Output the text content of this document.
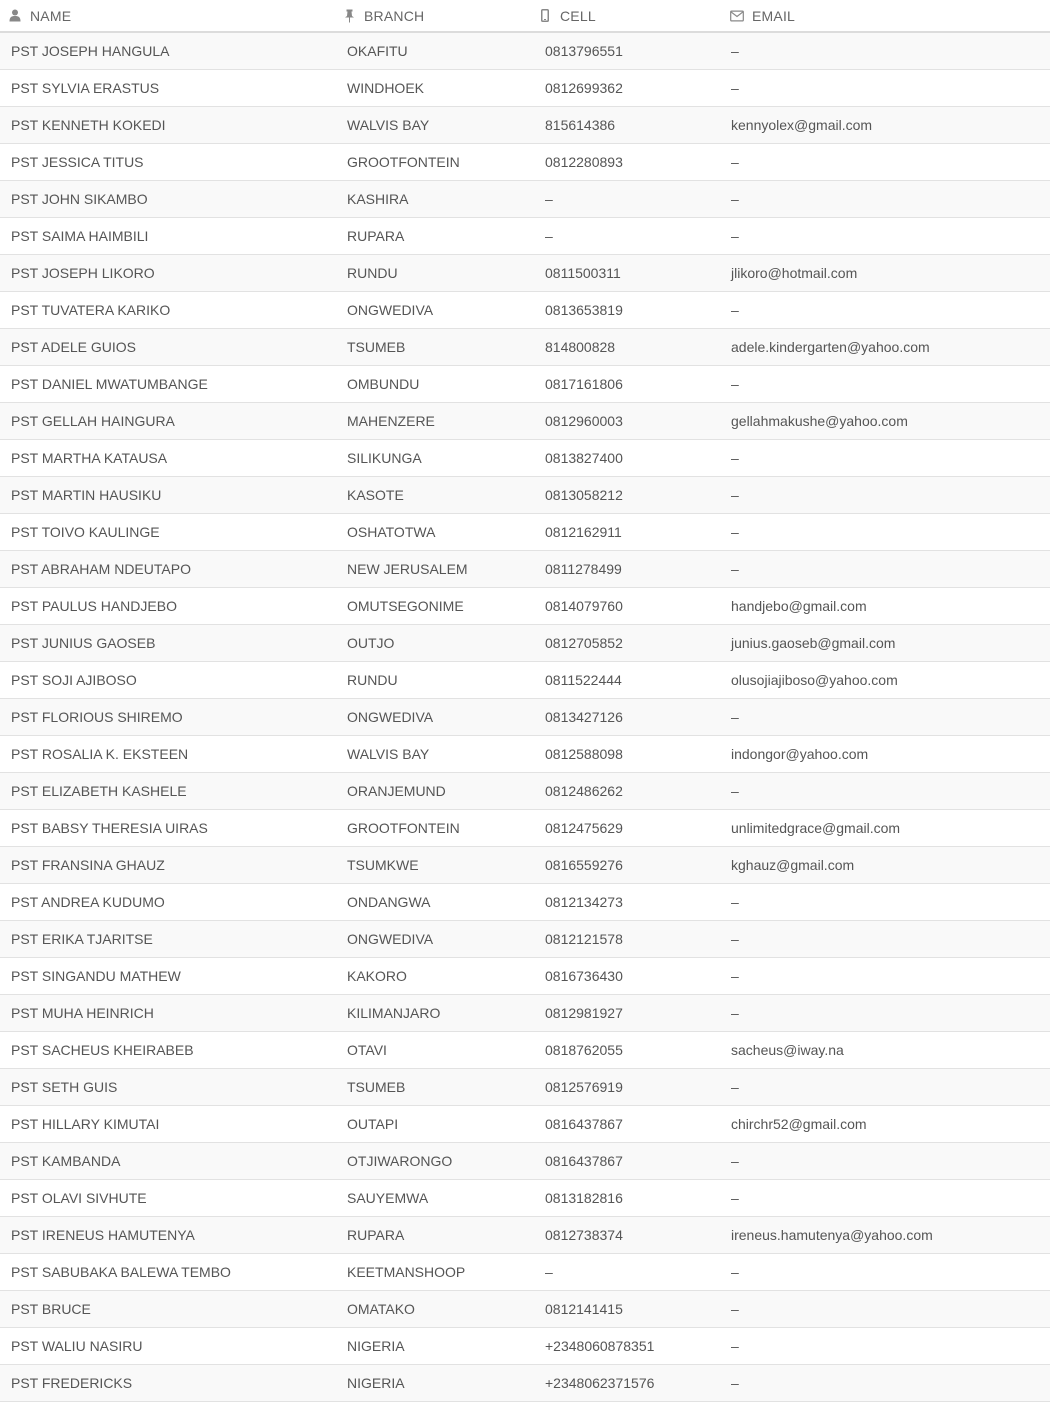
NAME	BRANCH	CELL	EMAIL
PST JOSEPH HANGULA	OKAFITU	0813796551	–
PST SYLVIA ERASTUS	WINDHOEK	0812699362	–
PST KENNETH KOKEDI	WALVIS BAY	815614386	kennyolex@gmail.com
PST JESSICA TITUS	GROOTFONTEIN	0812280893	–
PST JOHN SIKAMBO	KASHIRA	–	–
PST SAIMA HAIMBILI	RUPARA	–	–
PST JOSEPH LIKORO	RUNDU	0811500311	jlikoro@hotmail.com
PST TUVATERA KARIKO	ONGWEDIVA	0813653819	–
PST ADELE GUIOS	TSUMEB	814800828	adele.kindergarten@yahoo.com
PST DANIEL MWATUMBANGE	OMBUNDU	0817161806	–
PST GELLAH HAINGURA	MAHENZERE	0812960003	gellahmakushe@yahoo.com
PST MARTHA KATAUSA	SILIKUNGA	0813827400	–
PST MARTIN HAUSIKU	KASOTE	0813058212	–
PST TOIVO KAULINGE	OSHATOTWA	0812162911	–
PST ABRAHAM NDEUTAPO	NEW JERUSALEM	0811278499	–
PST PAULUS HANDJEBO	OMUTSEGONIME	0814079760	handjebo@gmail.com
PST JUNIUS GAOSEB	OUTJO	0812705852	junius.gaoseb@gmail.com
PST SOJI AJIBOSO	RUNDU	0811522444	olusojiajiboso@yahoo.com
PST FLORIOUS SHIREMO	ONGWEDIVA	0813427126	–
PST ROSALIA K. EKSTEEN	WALVIS BAY	0812588098	indongor@yahoo.com
PST ELIZABETH KASHELE	ORANJEMUND	0812486262	–
PST BABSY THERESIA UIRAS	GROOTFONTEIN	0812475629	unlimitedgrace@gmail.com
PST FRANSINA GHAUZ	TSUMKWE	0816559276	kghauz@gmail.com
PST ANDREA KUDUMO	ONDANGWA	0812134273	–
PST ERIKA TJARITSE	ONGWEDIVA	0812121578	–
PST SINGANDU MATHEW	KAKORO	0816736430	–
PST MUHA HEINRICH	KILIMANJARO	0812981927	–
PST SACHEUS KHEIRABEB	OTAVI	0818762055	sacheus@iway.na
PST SETH GUIS	TSUMEB	0812576919	–
PST HILLARY KIMUTAI	OUTAPI	0816437867	chirchr52@gmail.com
PST KAMBANDA	OTJIWARONGO	0816437867	–
PST OLAVI SIVHUTE	SAUYEMWA	0813182816	–
PST IRENEUS HAMUTENYA	RUPARA	0812738374	ireneus.hamutenya@yahoo.com
PST SABUBAKA BALEWA TEMBO	KEETMANSHOOP	–	–
PST BRUCE	OMATAKO	0812141415	–
PST WALIU NASIRU	NIGERIA	+2348060878351	–
PST FREDERICKS	NIGERIA	+2348062371576	–
